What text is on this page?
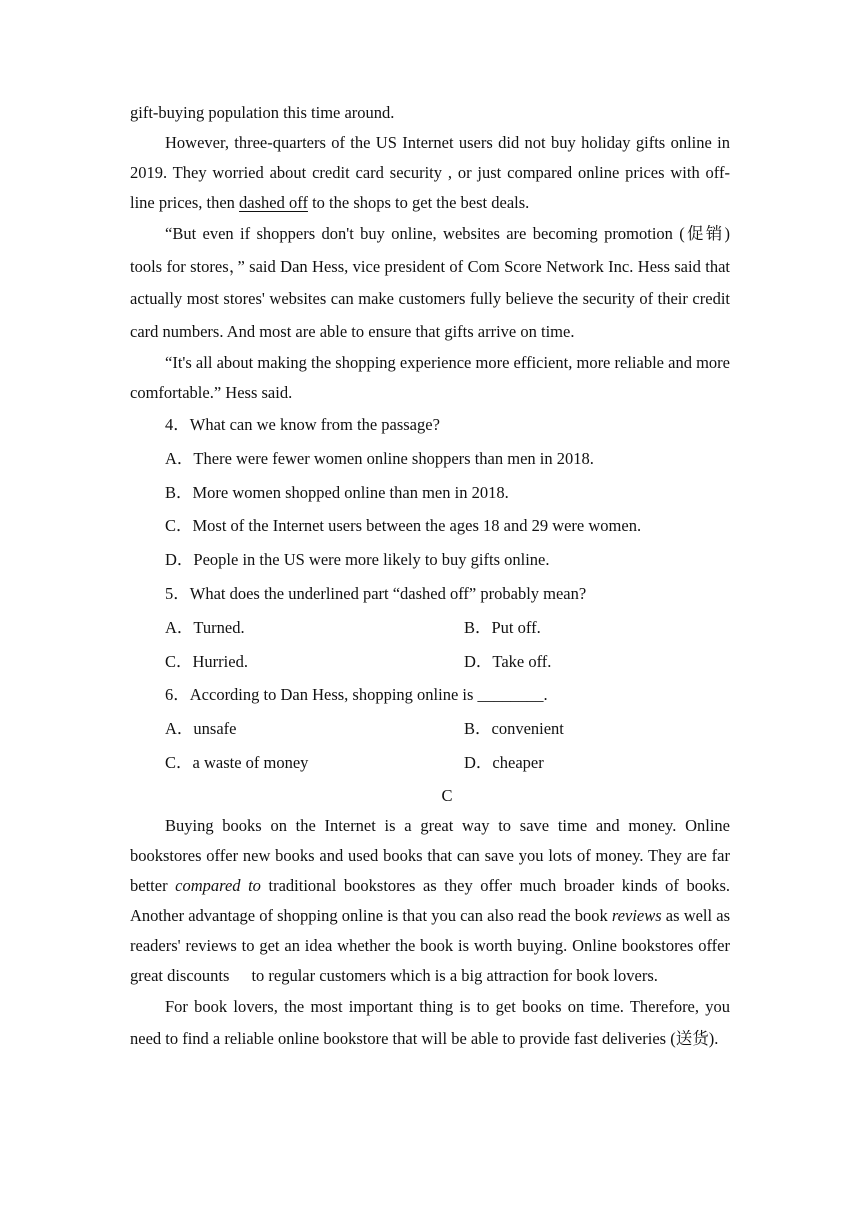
gift-buying population this time around.

However, three-quarters of the US Internet users did not buy holiday gifts online in 2019. They worried about credit card security , or just compared online prices with off-line prices, then dashed off to the shops to get the best deals.

“But even if shoppers don't buy online, websites are becoming promotion (促销) tools for stores，” said Dan Hess, vice president of Com Score Network Inc. Hess said that actually most stores' websites can make customers fully believe the security of their credit card numbers. And most are able to ensure that gifts arrive on time.

“It's all about making the shopping experience more efficient, more reliable and more comfortable.” Hess said.

4．What can we know from the passage?
A．There were fewer women online shoppers than men in 2018.
B．More women shopped online than men in 2018.
C．Most of the Internet users between the ages 18 and 29 were women.
D．People in the US were more likely to buy gifts online.
5．What does the underlined part “dashed off” probably mean?
A．Turned.	B．Put off.
C．Hurried.	D．Take off.
6．According to Dan Hess, shopping online is ________.
A．unsafe	B．convenient
C．a waste of money	D．cheaper
C

Buying books on the Internet is a great way to save time and money. Online bookstores offer new books and used books that can save you lots of money. They are far better compared to traditional bookstores as they offer much broader kinds of books. Another advantage of shopping online is that you can also read the book reviews as well as readers' reviews to get an idea whether the book is worth buying. Online bookstores offer great discounts to regular customers which is a big attraction for book lovers.

For book lovers, the most important thing is to get books on time. Therefore, you need to find a reliable online bookstore that will be able to provide fast deliveries (送货).
